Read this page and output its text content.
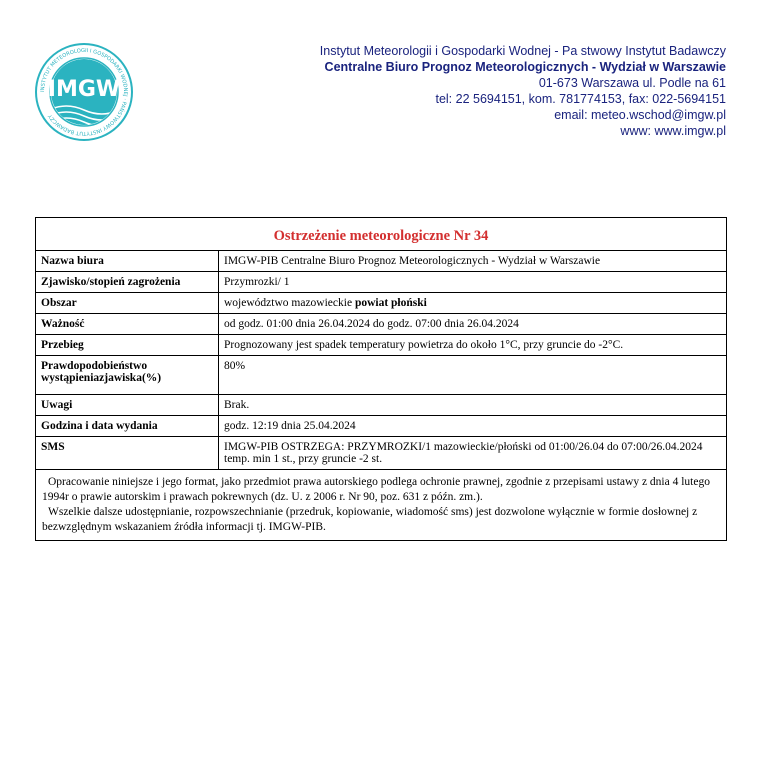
INSTYTUT METEOROLOGII I GOSPODARKI WODNEJ · PAŃSTWOWY INSTYTUT BADAWCZY
IMGW
Instytut Meteorologii i Gospodarki Wodnej - Pa stwowy Instytut Badawczy
Centralne Biuro Prognoz Meteorologicznych - Wydział w Warszawie
01-673 Warszawa ul. Podle na 61
tel: 22 5694151, kom. 781774153, fax: 022-5694151
email: meteo.wschod@imgw.pl
www: www.imgw.pl
Ostrzeżenie meteorologiczne Nr 34	
Nazwa biura	IMGW-PIB Centralne Biuro Prognoz Meteorologicznych - Wydział w Warszawie
Zjawisko/stopień zagrożenia	Przymrozki/ 1
Obszar	województwo mazowieckie powiat płoński
Ważność	od godz. 01:00 dnia 26.04.2024 do godz. 07:00 dnia 26.04.2024
Przebieg	Prognozowany jest spadek temperatury powietrza do około 1°C, przy gruncie do -2°C.
Prawdopodobieństwo wystąpieniazjawiska(%)	80%
Uwagi	Brak.
Godzina i data wydania	godz. 12:19 dnia 25.04.2024
SMS	IMGW-PIB OSTRZEGA: PRZYMROZKI/1 mazowieckie/płoński od 01:00/26.04 do 07:00/26.04.2024 temp. min 1 st., przy gruncie -2 st.

Opracowanie niniejsze i jego format, jako przedmiot prawa autorskiego podlega ochronie prawnej, zgodnie z przepisami ustawy z dnia 4 lutego 1994r o prawie autorskim i prawach pokrewnych (dz. U. z 2006 r. Nr 90, poz. 631 z późn. zm.).
Wszelkie dalsze udostępnianie, rozpowszechnianie (przedruk, kopiowanie, wiadomość sms) jest dozwolone wyłącznie w formie dosłownej z bezwzględnym wskazaniem źródła informacji tj. IMGW-PIB.	
